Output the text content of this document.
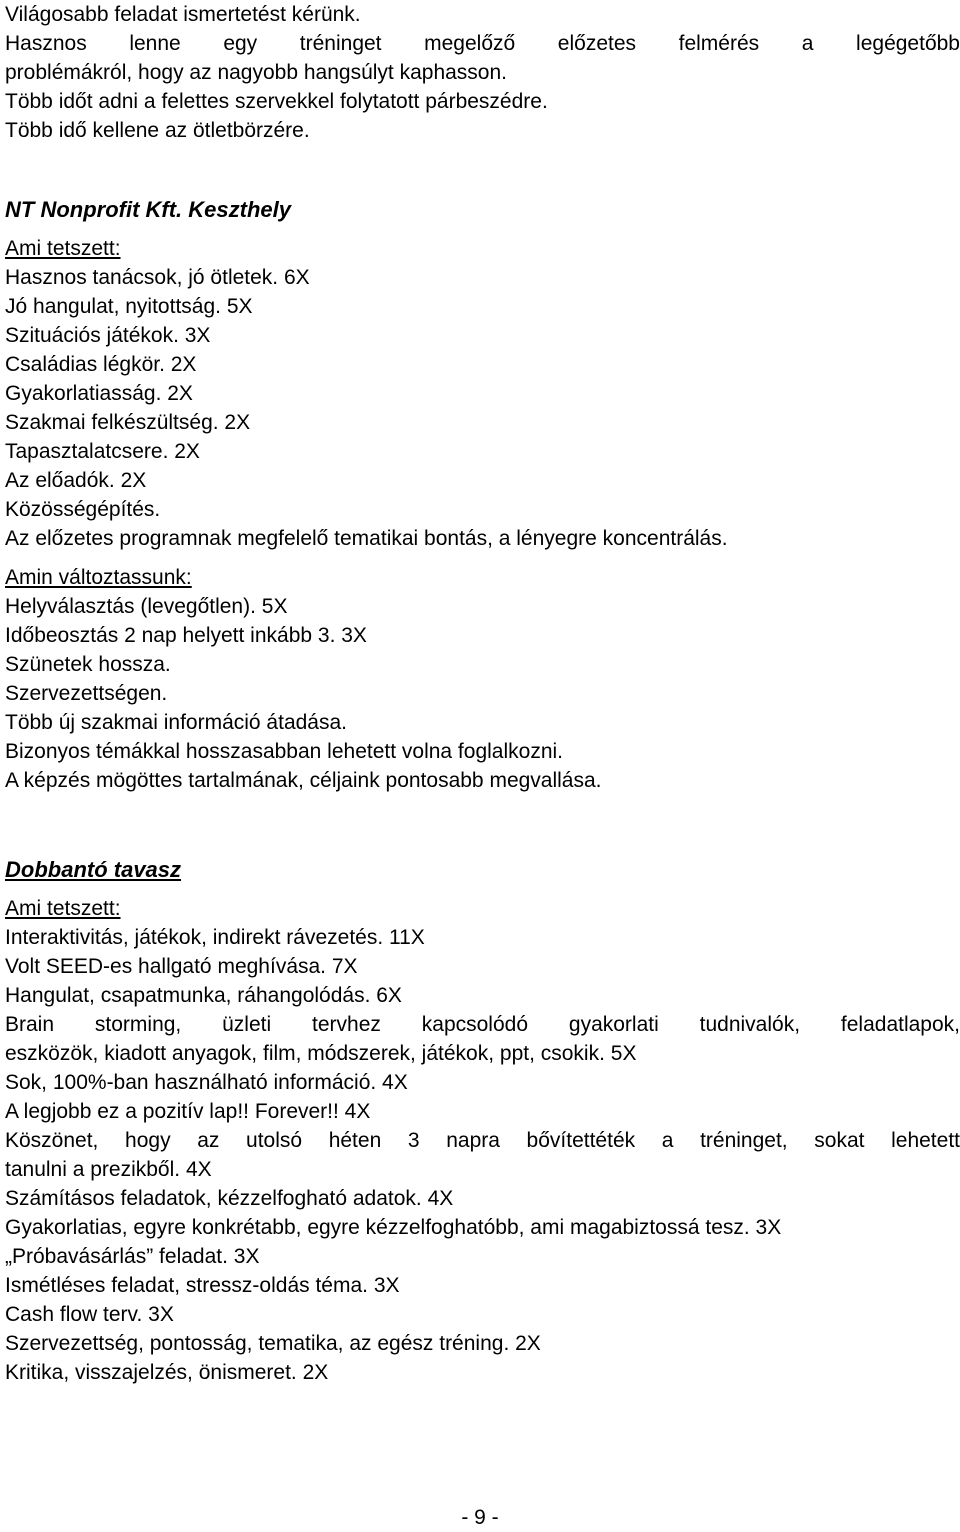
Világosabb feladat ismertetést kérünk.
Hasznos lenne egy tréninget megelőző előzetes felmérés a legégetőbb
problémákról, hogy az nagyobb hangsúlyt kaphasson.
Több időt adni a felettes szervekkel folytatott párbeszédre.
Több idő kellene az ötletbörzére.
NT Nonprofit Kft. Keszthely
Ami tetszett:
Hasznos tanácsok, jó ötletek. 6X
Jó hangulat, nyitottság. 5X
Szituációs játékok. 3X
Családias légkör. 2X
Gyakorlatiasság. 2X
Szakmai felkészültség. 2X
Tapasztalatcsere. 2X
Az előadók. 2X
Közösségépítés.
Az előzetes programnak megfelelő tematikai bontás, a lényegre koncentrálás.
Amin változtassunk:
Helyválasztás (levegőtlen). 5X
Időbeosztás 2 nap helyett inkább 3. 3X
Szünetek hossza.
Szervezettségen.
Több új szakmai információ átadása.
Bizonyos témákkal hosszasabban lehetett volna foglalkozni.
A képzés mögöttes tartalmának, céljaink pontosabb megvallása.
Dobbantó tavasz
Ami tetszett:
Interaktivitás, játékok, indirekt rávezetés. 11X
Volt SEED-es hallgató meghívása. 7X
Hangulat, csapatmunka, ráhangolódás. 6X
Brain storming, üzleti tervhez kapcsolódó gyakorlati tudnivalók, feladatlapok,
eszközök, kiadott anyagok, film, módszerek, játékok, ppt, csokik. 5X
Sok, 100%-ban használható információ. 4X
A legjobb ez a pozitív lap!! Forever!! 4X
Köszönet, hogy az utolsó héten 3 napra bővítettéték a tréninget, sokat lehetett
tanulni a prezikből. 4X
Számításos feladatok, kézzelfogható adatok. 4X
Gyakorlatias, egyre konkrétabb, egyre kézzelfoghatóbb, ami magabiztossá tesz. 3X
„Próbavásárlás” feladat. 3X
Ismétléses feladat, stressz-oldás téma. 3X
Cash flow terv. 3X
Szervezettség, pontosság, tematika, az egész tréning. 2X
Kritika, visszajelzés, önismeret. 2X
- 9 -
